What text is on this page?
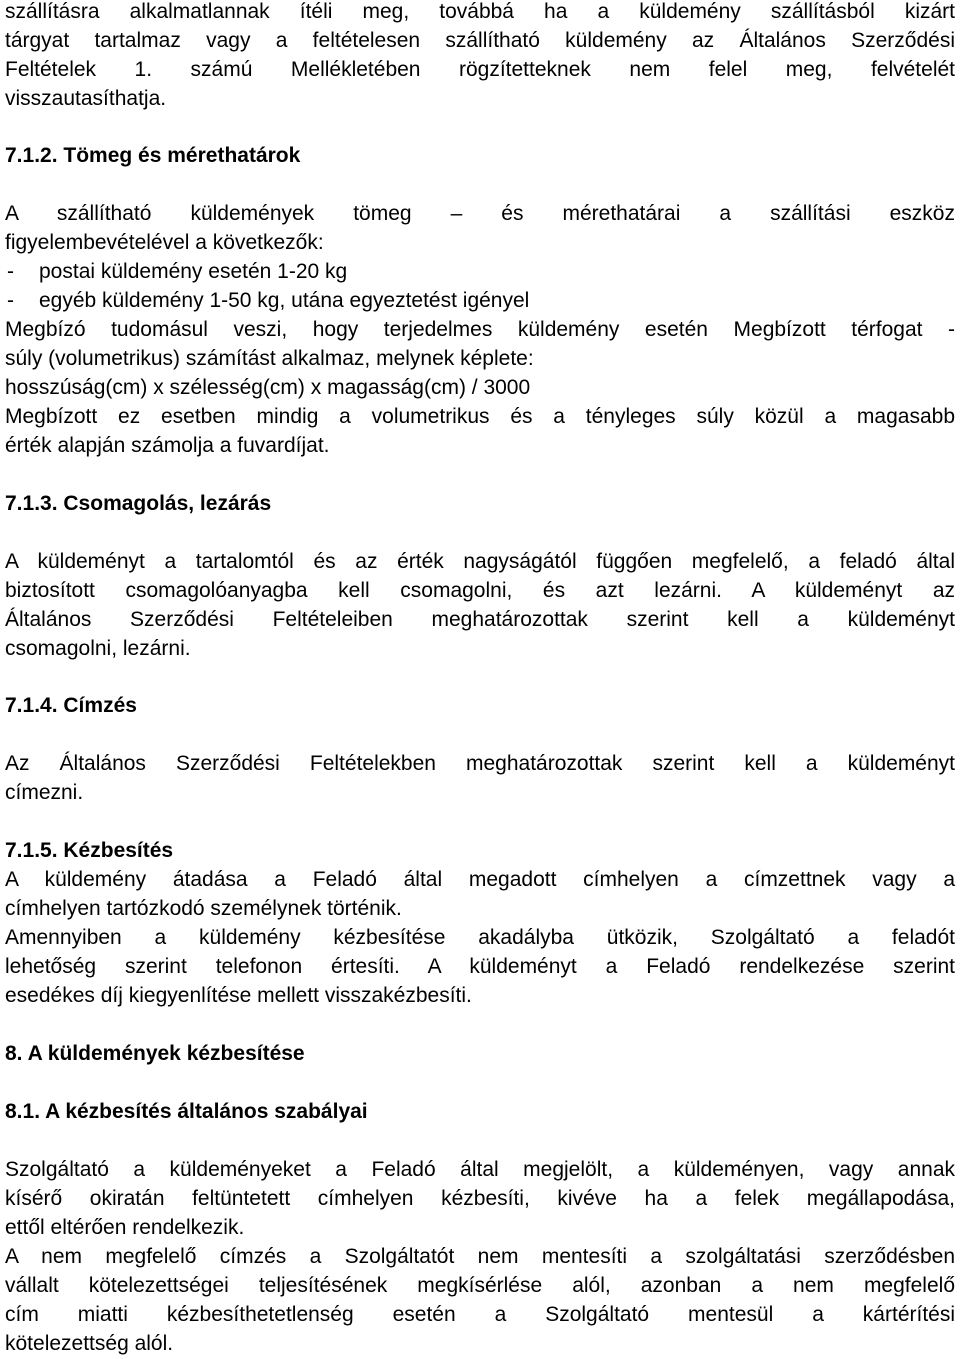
szállításra alkalmatlannak ítéli meg, továbbá ha a küldemény szállításból kizárt
tárgyat tartalmaz vagy a feltételesen szállítható küldemény az Általános Szerződési
Feltételek 1. számú Mellékletében rögzítetteknek nem felel meg, felvételét
visszautasíthatja.
7.1.2. Tömeg és mérethatárok
A szállítható küldemények tömeg – és mérethatárai a szállítási eszköz
figyelembevételével a következők:
-	postai küldemény esetén 1-20 kg
-	egyéb küldemény 1-50 kg, utána egyeztetést igényel
Megbízó tudomásul veszi, hogy terjedelmes küldemény esetén Megbízott térfogat -
súly (volumetrikus) számítást alkalmaz, melynek képlete:
hosszúság(cm) x szélesség(cm) x magasság(cm) / 3000
Megbízott ez esetben mindig a volumetrikus és a tényleges súly közül a magasabb
érték alapján számolja a fuvardíjat.
7.1.3. Csomagolás, lezárás
A küldeményt a tartalomtól és az érték nagyságától függően megfelelő, a feladó által
biztosított csomagolóanyagba kell csomagolni, és azt lezárni. A küldeményt az
Általános Szerződési Feltételeiben meghatározottak szerint kell a küldeményt
csomagolni, lezárni.
7.1.4. Címzés
Az Általános Szerződési Feltételekben meghatározottak szerint kell a küldeményt
címezni.
7.1.5. Kézbesítés
A küldemény átadása a Feladó által megadott címhelyen a címzettnek vagy a
címhelyen tartózkodó személynek történik.
Amennyiben a küldemény kézbesítése akadályba ütközik, Szolgáltató a feladót
lehetőség szerint telefonon értesíti. A küldeményt a Feladó rendelkezése szerint
esedékes díj kiegyenlítése mellett visszakézbesíti.
8. A küldemények kézbesítése
8.1. A kézbesítés általános szabályai
Szolgáltató a küldeményeket a Feladó által megjelölt, a küldeményen, vagy annak
kísérő okiratán feltüntetett címhelyen kézbesíti, kivéve ha a felek megállapodása,
ettől eltérően rendelkezik.
A nem megfelelő címzés a Szolgáltatót nem mentesíti a szolgáltatási szerződésben
vállalt kötelezettségei teljesítésének megkísérlése alól, azonban a nem megfelelő
cím miatti kézbesíthetetlenség esetén a Szolgáltató mentesül a kártérítési
kötelezettség alól.
